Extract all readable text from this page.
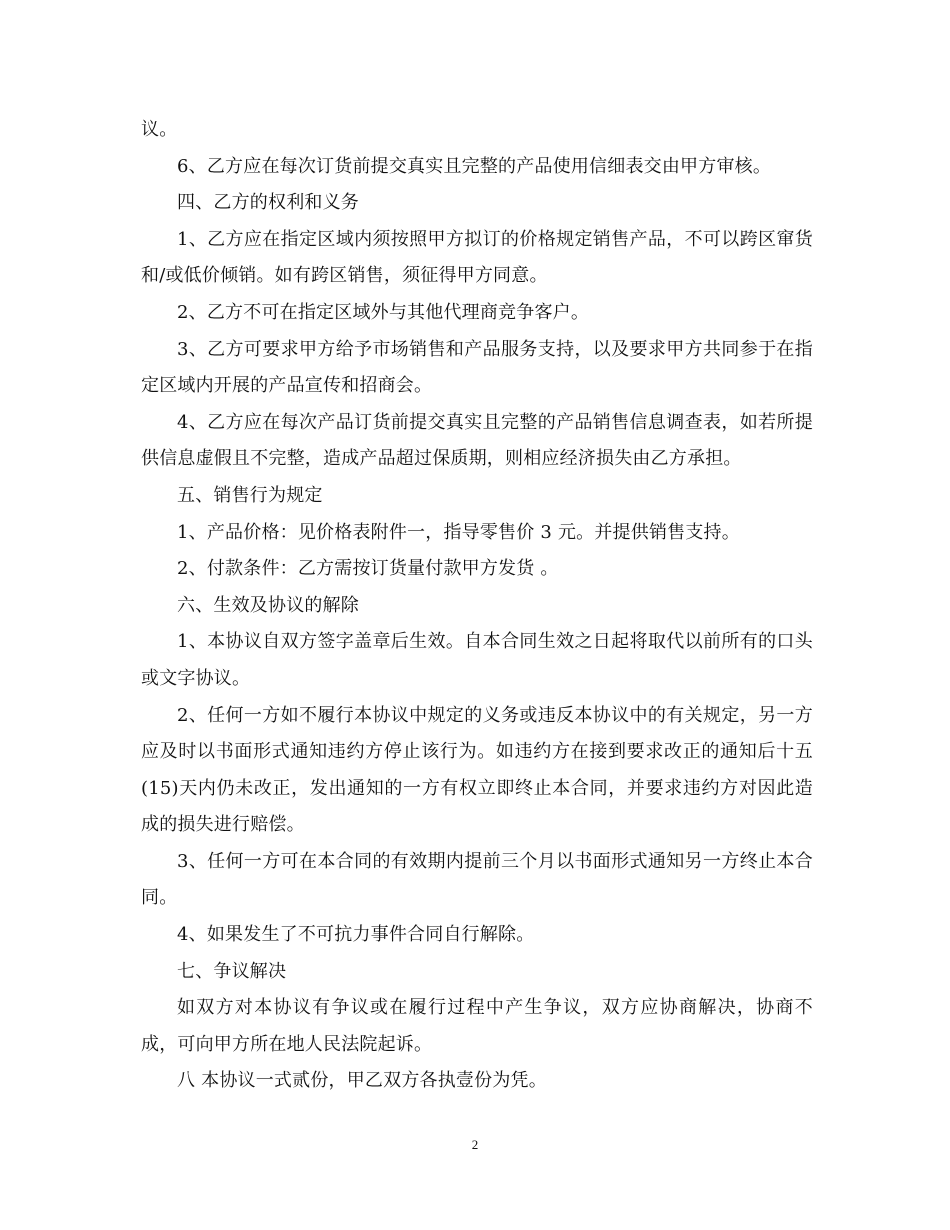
议。

6、乙方应在每次订货前提交真实且完整的产品使用信细表交由甲方审核。

四、乙方的权利和义务

1、乙方应在指定区域内须按照甲方拟订的价格规定销售产品，不可以跨区窜货和/或低价倾销。如有跨区销售，须征得甲方同意。

2、乙方不可在指定区域外与其他代理商竞争客户。

3、乙方可要求甲方给予市场销售和产品服务支持，以及要求甲方共同参于在指定区域内开展的产品宣传和招商会。

4、乙方应在每次产品订货前提交真实且完整的产品销售信息调查表，如若所提供信息虚假且不完整，造成产品超过保质期，则相应经济损失由乙方承担。

五、销售行为规定

1、产品价格：见价格表附件一，指导零售价 3 元。并提供销售支持。

2、付款条件：乙方需按订货量付款甲方发货 。

六、生效及协议的解除

1、本协议自双方签字盖章后生效。自本合同生效之日起将取代以前所有的口头或文字协议。

2、任何一方如不履行本协议中规定的义务或违反本协议中的有关规定，另一方应及时以书面形式通知违约方停止该行为。如违约方在接到要求改正的通知后十五(15)天内仍未改正，发出通知的一方有权立即终止本合同，并要求违约方对因此造成的损失进行赔偿。

3、任何一方可在本合同的有效期内提前三个月以书面形式通知另一方终止本合同。

4、如果发生了不可抗力事件合同自行解除。

七、争议解决

如双方对本协议有争议或在履行过程中产生争议，双方应协商解决，协商不成，可向甲方所在地人民法院起诉。

八 本协议一式贰份，甲乙双方各执壹份为凭。

2
